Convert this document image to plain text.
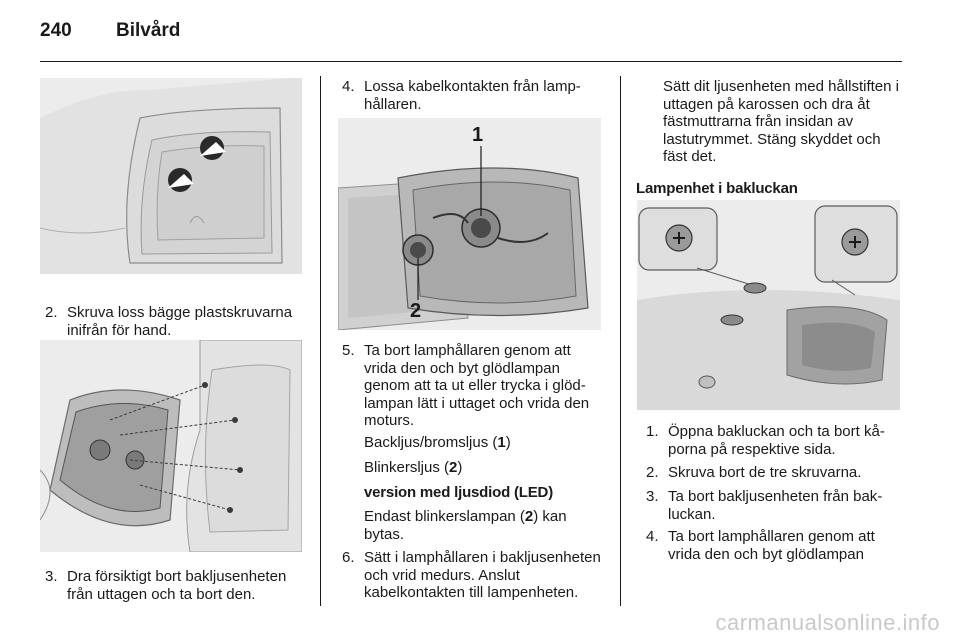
240 Bilvård
2. Skruva loss bägge plastskruvarna inifrån för hand.
3. Dra försiktigt bort bakljusenheten från uttagen och ta bort den.
4. Lossa kabelkontakten från lamphållaren.
1
2
5. Ta bort lamphållaren genom att vrida den och byt glödlampan genom att ta ut eller trycka i glödlampan lätt i uttaget och vrida den moturs.
Backljus/bromsljus (1)
Blinkersljus (2)
version med ljusdiod (LED)
Endast blinkerslampan (2) kan bytas.
6. Sätt i lamphållaren i bakljusenheten och vrid medurs. Anslut kabelkontakten till lampenheten.
Sätt dit ljusenheten med hållstiften i uttagen på karossen och dra åt fästmuttrarna från insidan av lastutrymmet. Stäng skyddet och fäst det.
Lampenhet i bakluckan
1. Öppna bakluckan och ta bort kåporna på respektive sida.
2. Skruva bort de tre skruvarna.
3. Ta bort bakljusenheten från bakluckan.
4. Ta bort lamphållaren genom att vrida den och byt glödlampan
carmanualsonline.info
